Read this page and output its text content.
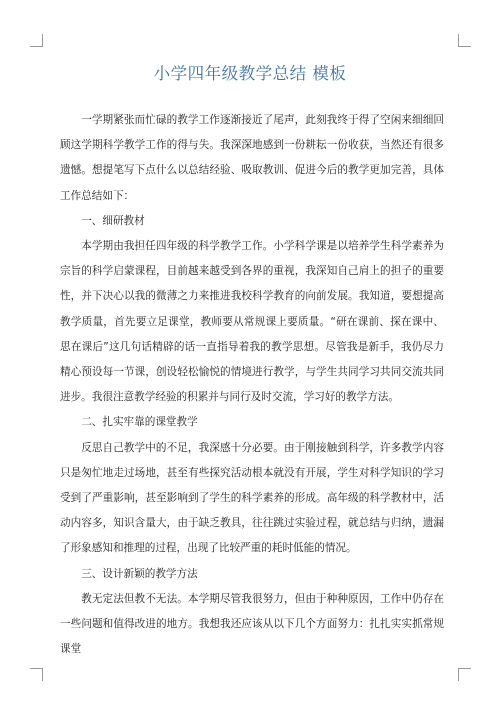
小学四年级教学总结 模板

一学期紧张而忙碌的教学工作逐渐接近了尾声，此刻我终于得了空闲来细细回顾这学期科学教学工作的得与失。我深深地感到一份耕耘一份收获，当然还有很多遗憾。想提笔写下点什么以总结经验、吸取教训、促进今后的教学更加完善，具体工作总结如下：

一、细研教材

本学期由我担任四年级的科学教学工作。小学科学课是以培养学生科学素养为宗旨的科学启蒙课程，目前越来越受到各界的重视，我深知自己肩上的担子的重要性，并下决心以我的微薄之力来推进我校科学教育的向前发展。我知道，要想提高教学质量，首先要立足课堂，教师要从常规课上要质量。“研在课前、探在课中、思在课后”这几句话精辟的话一直指导着我的教学思想。尽管我是新手，我仍尽力精心预设每一节课，创设轻松愉悦的情境进行教学，与学生共同学习共同交流共同进步。我很注意教学经验的积累并与同行及时交流，学习好的教学方法。

二、扎实牢靠的课堂教学

反思自己教学中的不足，我深感十分必要。由于刚接触到科学，许多教学内容只是匆忙地走过场地，甚至有些探究活动根本就没有开展，学生对科学知识的学习受到了严重影响，甚至影响到了学生的科学素养的形成。高年级的科学教材中，活动内容多，知识含量大，由于缺乏教具，往往跳过实验过程，就总结与归纳，遗漏了形象感知和推理的过程，出现了比较严重的耗时低能的情况。

三、设计新颖的教学方法

教无定法但教不无法。本学期尽管我很努力，但由于种种原因，工作中仍存在一些问题和值得改进的地方。我想我还应该从以下几个方面努力：扎扎实实抓常规课堂
